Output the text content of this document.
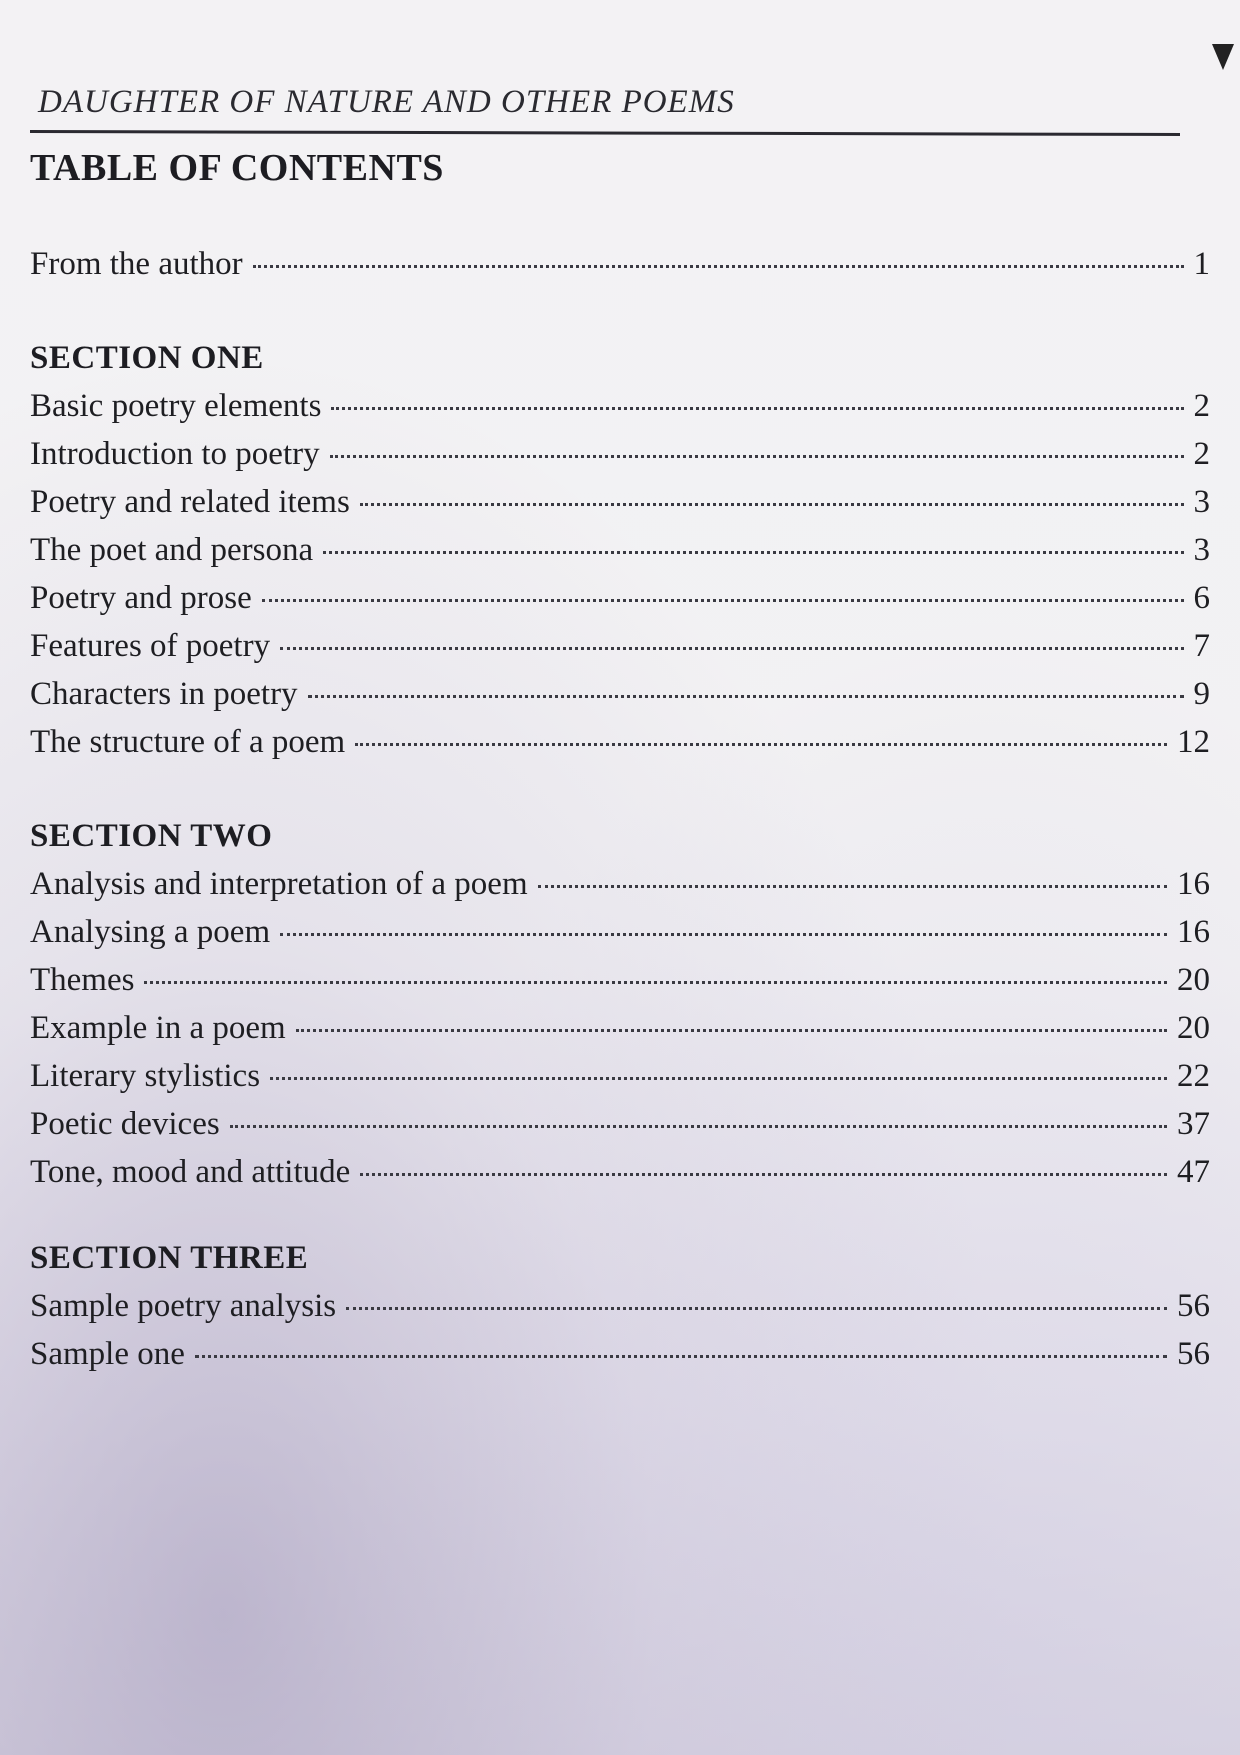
DAUGHTER OF NATURE AND OTHER POEMS
TABLE OF CONTENTS
From the author	1
SECTION ONE
Basic poetry elements	2
Introduction to poetry	2
Poetry and related items	3
The poet and persona	3
Poetry and prose	6
Features of poetry	7
Characters in poetry	9
The structure of a poem	12
SECTION TWO
Analysis and interpretation of a poem	16
Analysing a poem	16
Themes	20
Example in a poem	20
Literary stylistics	22
Poetic devices	37
Tone, mood and attitude	47
SECTION THREE
Sample poetry analysis	56
Sample one	56
